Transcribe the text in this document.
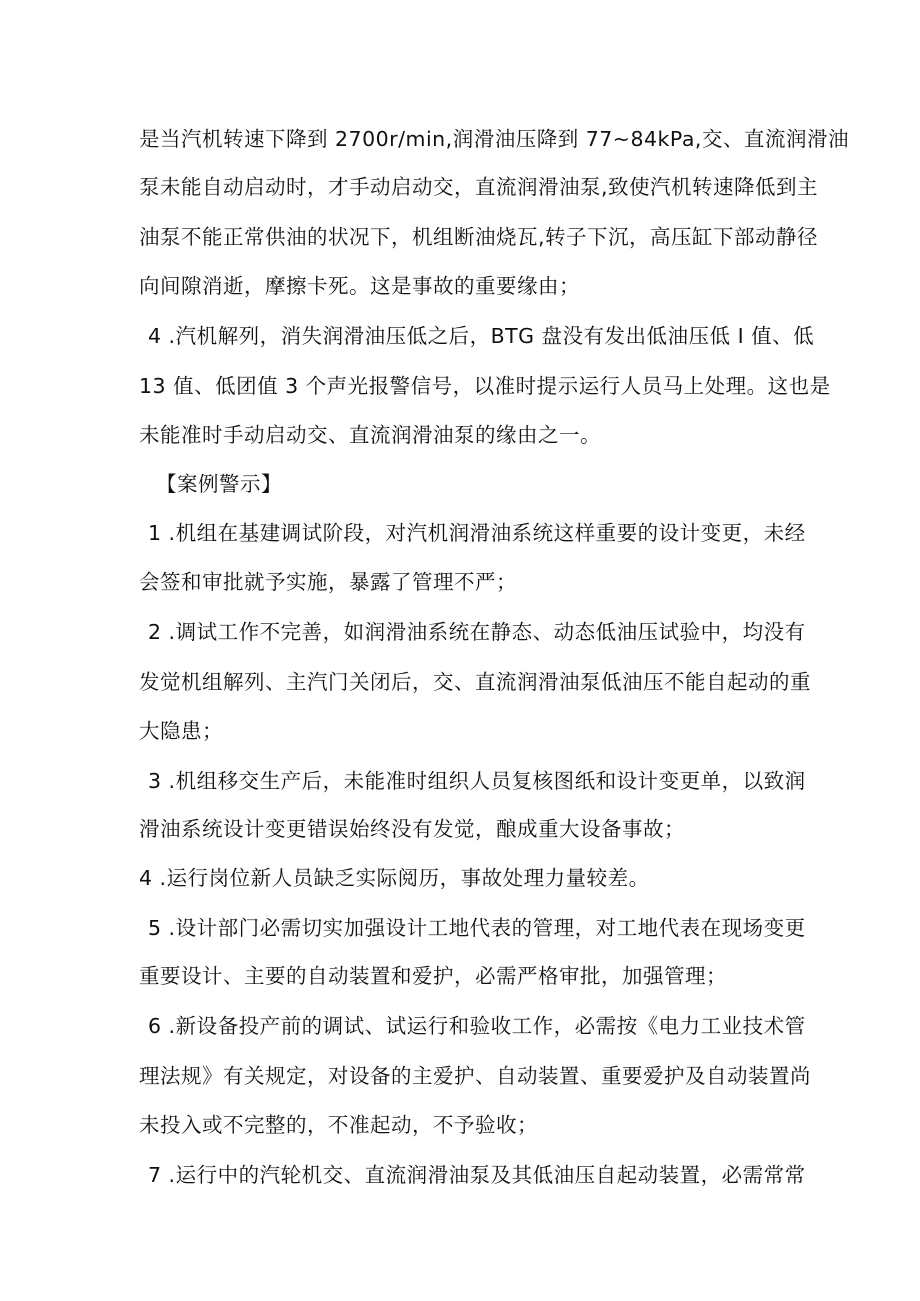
是当汽机转速下降到 2700r/min,润滑油压降到 77~84kPa,交、直流润滑油
泵未能自动启动时，才手动启动交，直流润滑油泵,致使汽机转速降低到主
油泵不能正常供油的状况下，机组断油烧瓦,转子下沉，高压缸下部动静径
向间隙消逝，摩擦卡死。这是事故的重要缘由；
4 .汽机解列，消失润滑油压低之后，BTG 盘没有发出低油压低 I 值、低
13 值、低团值 3 个声光报警信号，以准时提示运行人员马上处理。这也是
未能准时手动启动交、直流润滑油泵的缘由之一。
【案例警示】
1 .机组在基建调试阶段，对汽机润滑油系统这样重要的设计变更，未经
会签和审批就予实施，暴露了管理不严；
2 .调试工作不完善，如润滑油系统在静态、动态低油压试验中，均没有
发觉机组解列、主汽门关闭后，交、直流润滑油泵低油压不能自起动的重
大隐患；
3 .机组移交生产后，未能准时组织人员复核图纸和设计变更单，以致润
滑油系统设计变更错误始终没有发觉，酿成重大设备事故；
4 .运行岗位新人员缺乏实际阅历，事故处理力量较差。
5 .设计部门必需切实加强设计工地代表的管理，对工地代表在现场变更
重要设计、主要的自动装置和爱护，必需严格审批，加强管理；
6 .新设备投产前的调试、试运行和验收工作，必需按《电力工业技术管
理法规》有关规定，对设备的主爱护、自动装置、重要爱护及自动装置尚
未投入或不完整的，不准起动，不予验收；
7 .运行中的汽轮机交、直流润滑油泵及其低油压自起动装置，必需常常
